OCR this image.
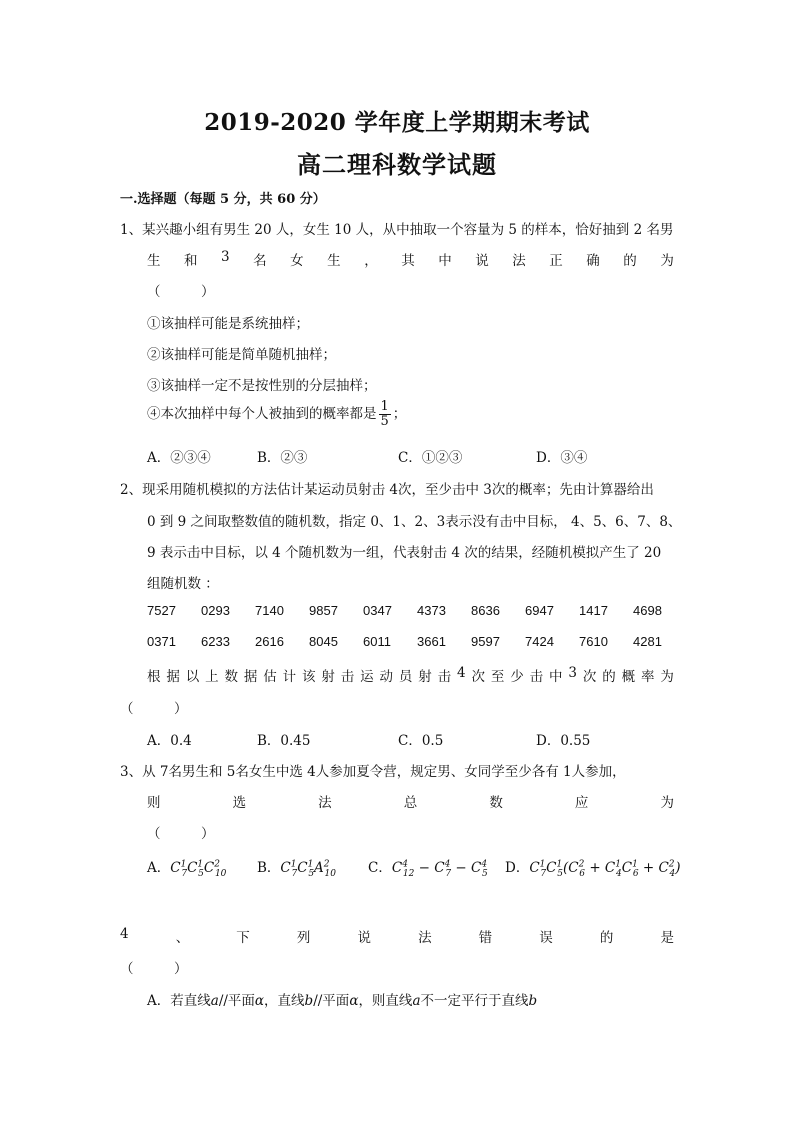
2019-2020 学年度上学期期末考试
高二理科数学试题
一.选择题（每题 5 分，共 60 分）
1、某兴趣小组有男生 20 人，女生 10 人，从中抽取一个容量为 5 的样本，恰好抽到 2 名男
生 和 3 名 女 生 ， 其 中 说 法 正 确 的 为
（　　　）
①该抽样可能是系统抽样；
②该抽样可能是简单随机抽样；
③该抽样一定不是按性别的分层抽样；
④本次抽样中每个人被抽到的概率都是 $\frac{1}{5}$ ；
A．②③④	B．②③	C．①②③	D．③④
2、现采用随机模拟的方法估计某运动员射击 4次，至少击中 3次的概率；先由计算器给出
0 到 9 之间取整数值的随机数，指定 0、1、2、3表示没有击中目标， 4、5、6、7、8、
9 表示击中目标，以 4 个随机数为一组，代表射击 4 次的结果，经随机模拟产生了 20
组随机数 ：
7527 0293 7140 9857 0347 4373 8636 6947 1417 4698
0371 6233 2616 8045 6011 3661 9597 7424 7610 4281
根 据 以 上 数 据 估 计 该 射 击 运 动 员 射 击 4 次 至 少 击 中 3 次 的 概 率 为
（　　　）
A．0.4	B．0.45	C．0.5	D．0.55
3、从 7名男生和 5名女生中选 4人参加夏令营，规定男、女同学至少各有 1人参加，
则	选	法	总	数	应	为
（　　　）
A．$C^1_7C^1_5C^2_{10}$ B．$C^1_7C^1_5A^2_{10}$ C．$C^4_{12} - C^4_7 - C^4_5$ D．$C^1_7C^1_5(C^2_6 + C^1_4C^1_6 + C^2_4)$
4	、	下	列	说	法	错	误	的	是
（　　　）
A．若直线a//平面α，直线b//平面α，则直线a不一定平行于直线b
